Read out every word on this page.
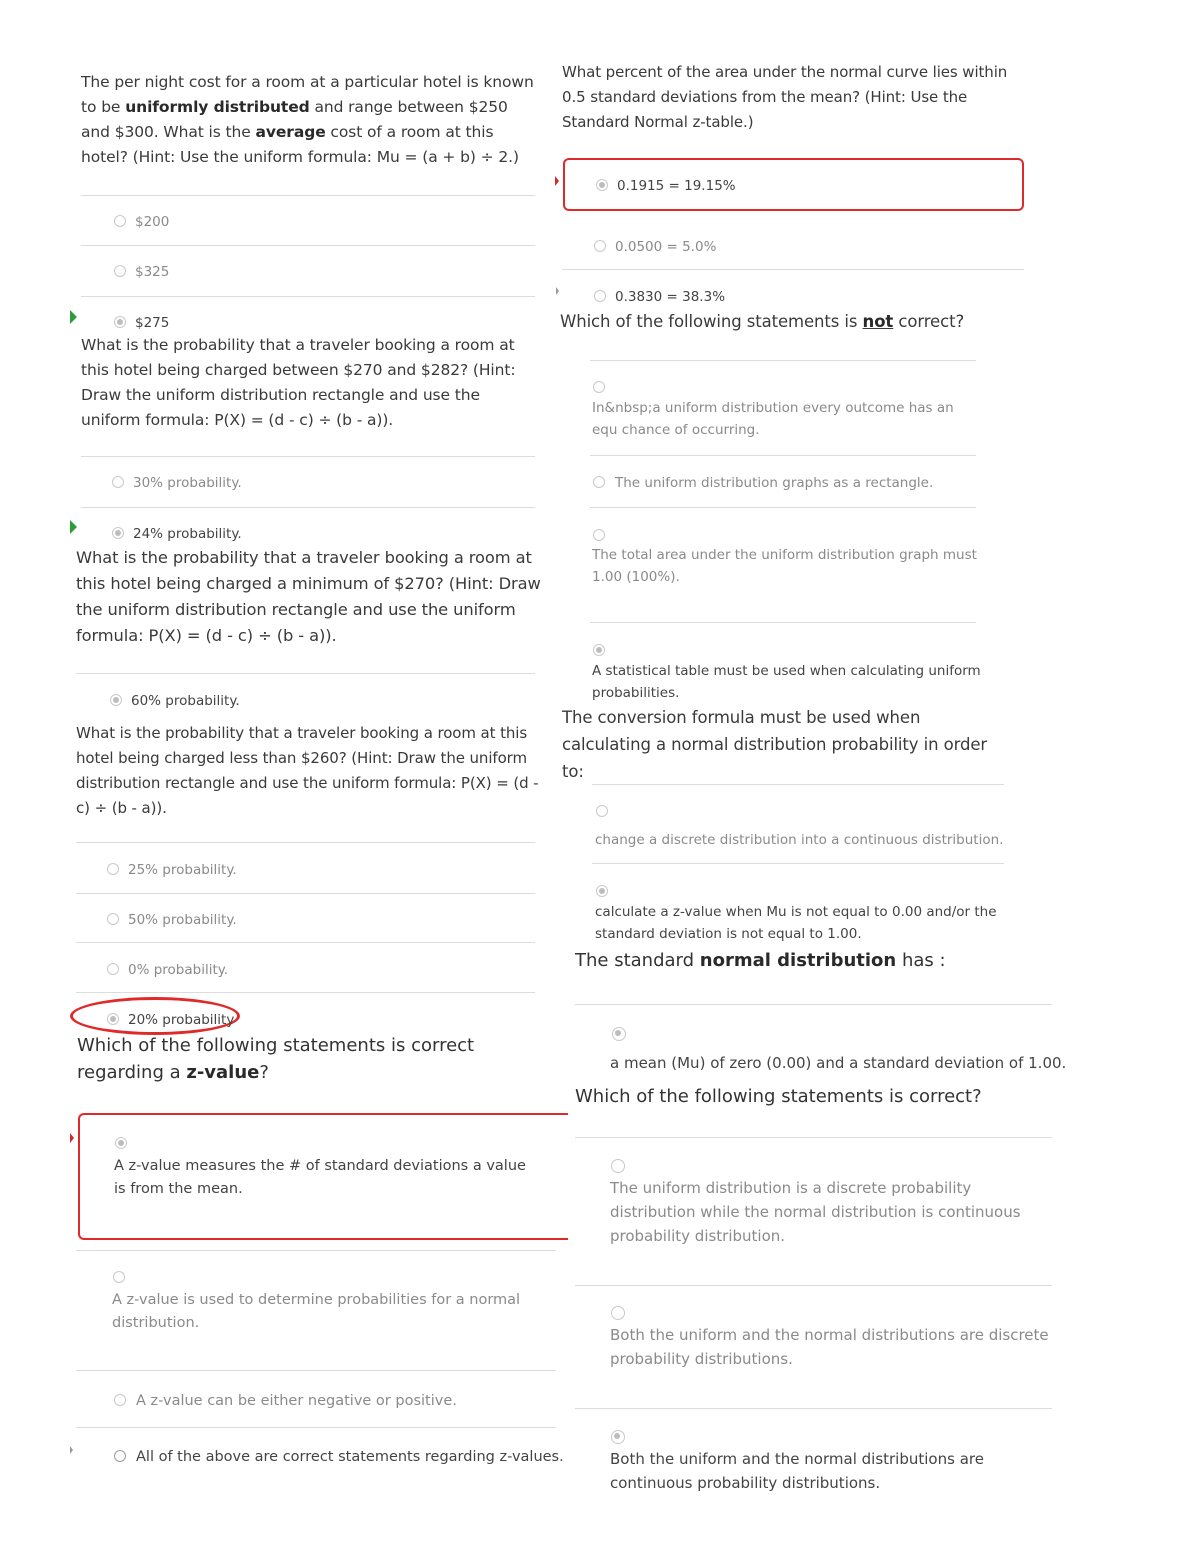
The per night cost for a room at a particular hotel is known to be uniformly distributed and range between $250 and $300. What is the average cost of a room at this hotel? (Hint: Use the uniform formula: Mu = (a + b) ÷ 2.)
$200
$325
$275
What is the probability that a traveler booking a room at this hotel being charged between $270 and $282? (Hint: Draw the uniform distribution rectangle and use the uniform formula: P(X) = (d - c) ÷ (b - a)).
30% probability.
24% probability.
What is the probability that a traveler booking a room at this hotel being charged a minimum of $270? (Hint: Draw the uniform distribution rectangle and use the uniform formula: P(X) = (d - c) ÷ (b - a)).
60% probability.
What is the probability that a traveler booking a room at this hotel being charged less than $260? (Hint: Draw the uniform distribution rectangle and use the uniform formula: P(X) = (d - c) ÷ (b - a)).
25% probability.
50% probability.
0% probability.
20% probability
Which of the following statements is correct regarding a z-value?
A z-value measures the # of standard deviations a value is from the mean.
A z-value is used to determine probabilities for a normal distribution.
A z-value can be either negative or positive.
All of the above are correct statements regarding z-values.
What percent of the area under the normal curve lies within 0.5 standard deviations from the mean? (Hint: Use the Standard Normal z-table.)
0.1915 = 19.15%
0.0500 = 5.0%
0.3830 = 38.3%
Which of the following statements is not correct?
In&nbsp;a uniform distribution every outcome has an equ chance of occurring.
The uniform distribution graphs as a rectangle.
The total area under the uniform distribution graph must 1.00 (100%).
A statistical table must be used when calculating uniform probabilities.
The conversion formula must be used when calculating a normal distribution probability in order to:
change a discrete distribution into a continuous distribution.
calculate a z-value when Mu is not equal to 0.00 and/or the standard deviation is not equal to 1.00.
The standard normal distribution has :
a mean (Mu) of zero (0.00) and a standard deviation of 1.00.
Which of the following statements is correct?
The uniform distribution is a discrete probability distribution while the normal distribution is continuous probability distribution.
Both the uniform and the normal distributions are discrete probability distributions.
Both the uniform and the normal distributions are continuous probability distributions.
